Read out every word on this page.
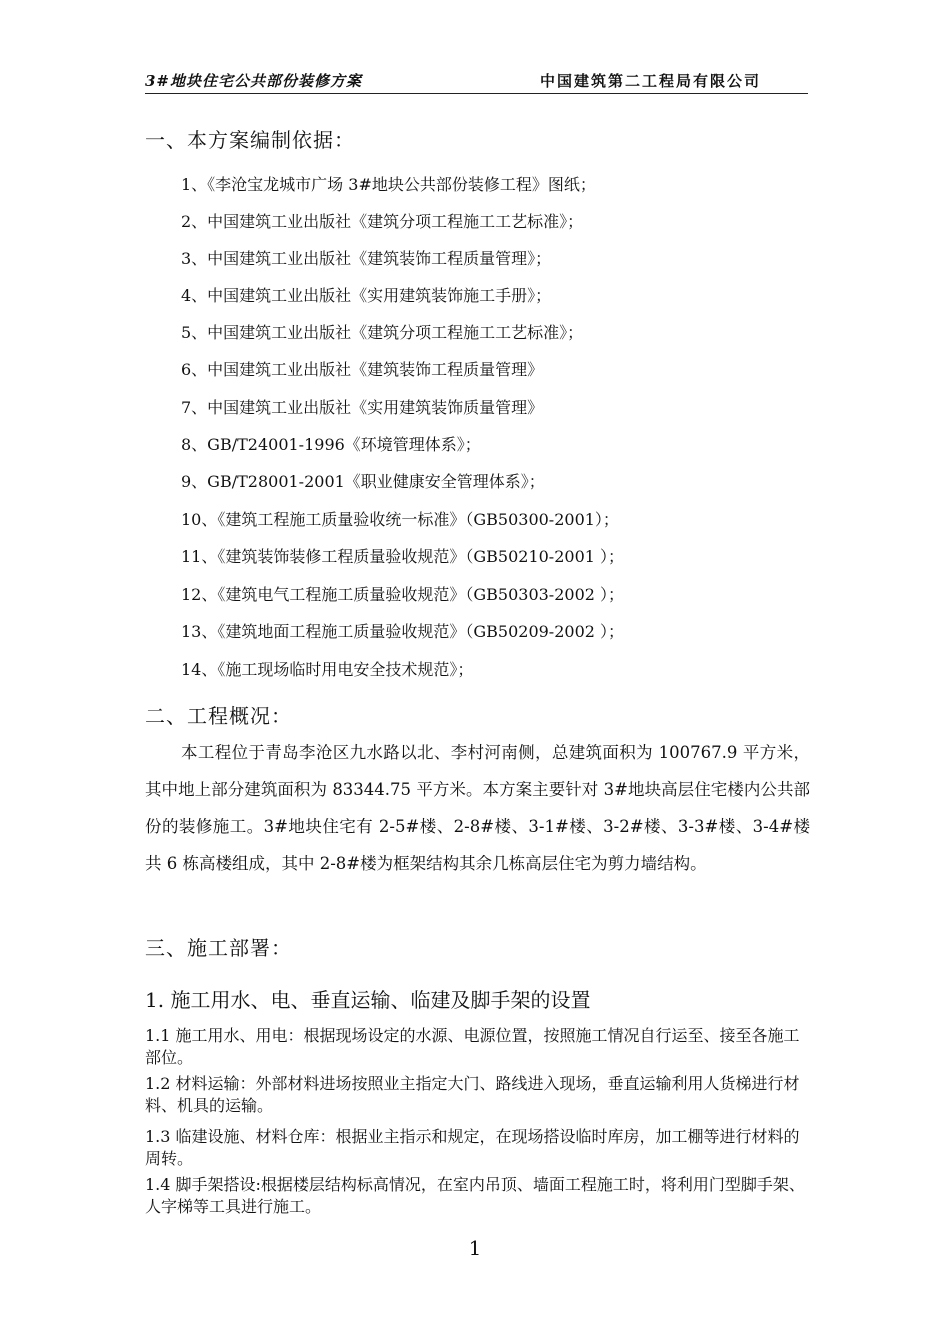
3#地块住宅公共部份装修方案	中国建筑第二工程局有限公司
一、本方案编制依据：
1、《李沧宝龙城市广场 3#地块公共部份装修工程》图纸；
2、中国建筑工业出版社《建筑分项工程施工工艺标准》；
3、中国建筑工业出版社《建筑装饰工程质量管理》；
4、中国建筑工业出版社《实用建筑装饰施工手册》；
5、中国建筑工业出版社《建筑分项工程施工工艺标准》；
6、中国建筑工业出版社《建筑装饰工程质量管理》
7、中国建筑工业出版社《实用建筑装饰质量管理》
8、GB/T24001-1996《环境管理体系》；
9、GB/T28001-2001《职业健康安全管理体系》；
10、《建筑工程施工质量验收统一标准》（GB50300-2001）；
11、《建筑装饰装修工程质量验收规范》（GB50210-2001 ）；
12、《建筑电气工程施工质量验收规范》（GB50303-2002 ）；
13、《建筑地面工程施工质量验收规范》（GB50209-2002 ）；
14、《施工现场临时用电安全技术规范》；
二、工程概况：

本工程位于青岛李沧区九水路以北、李村河南侧，总建筑面积为 100767.9 平方米，其中地上部分建筑面积为 83344.75 平方米。本方案主要针对 3#地块高层住宅楼内公共部份的装修施工。3#地块住宅有 2-5#楼、2-8#楼、3-1#楼、3-2#楼、3-3#楼、3-4#楼共 6 栋高楼组成，其中 2-8#楼为框架结构其余几栋高层住宅为剪力墙结构。

三、施工部署：
1. 施工用水、电、垂直运输、临建及脚手架的设置
1.1 施工用水、用电：根据现场设定的水源、电源位置，按照施工情况自行运至、接至各施工部位。
1.2 材料运输：外部材料进场按照业主指定大门、路线进入现场，垂直运输利用人货梯进行材料、机具的运输。
1.3 临建设施、材料仓库：根据业主指示和规定，在现场搭设临时库房，加工棚等进行材料的周转。
1.4 脚手架搭设:根据楼层结构标高情况，在室内吊顶、墙面工程施工时，将利用门型脚手架、人字梯等工具进行施工。
1
